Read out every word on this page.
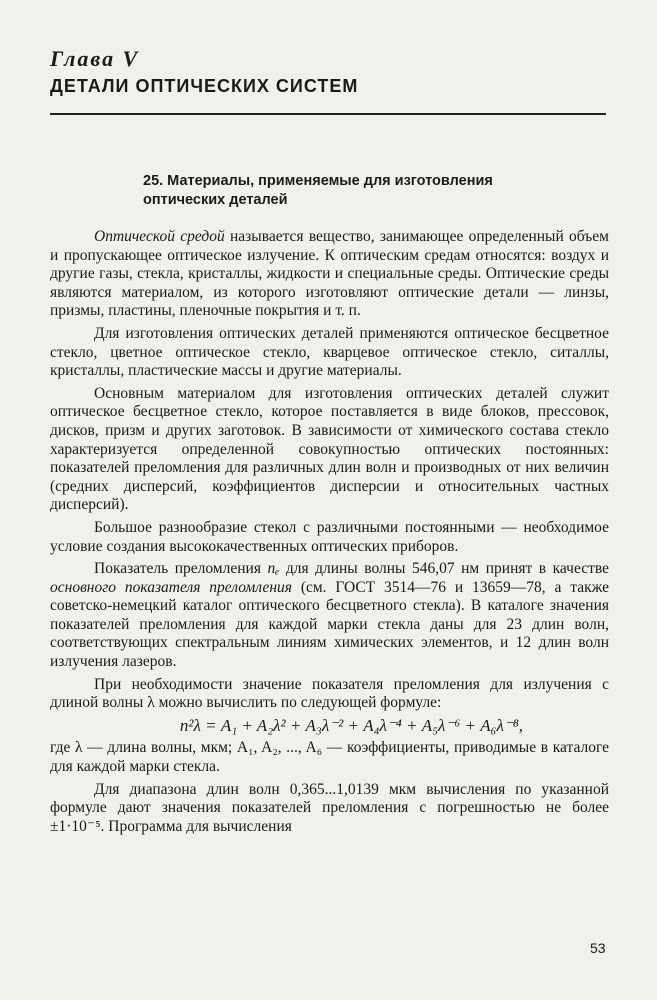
Глава V
ДЕТАЛИ ОПТИЧЕСКИХ СИСТЕМ
25. Материалы, применяемые для изготовления оптических деталей

Оптической средой называется вещество, занимающее определенный объем и пропускающее оптическое излучение. К оптическим средам относятся: воздух и другие газы, стекла, кристаллы, жидкости и специальные среды. Оптические среды являются материалом, из которого изготовляют оптические детали — линзы, призмы, пластины, пленочные покрытия и т. п.

Для изготовления оптических деталей применяются оптическое бесцветное стекло, цветное оптическое стекло, кварцевое оптическое стекло, ситаллы, кристаллы, пластические массы и другие материалы.

Основным материалом для изготовления оптических деталей служит оптическое бесцветное стекло, которое поставляется в виде блоков, прессовок, дисков, призм и других заготовок. В зависимости от химического состава стекло характеризуется определенной совокупностью оптических постоянных: показателей преломления для различных длин волн и производных от них величин (средних дисперсий, коэффициентов дисперсии и относительных частных дисперсий).

Большое разнообразие стекол с различными постоянными — необходимое условие создания высококачественных оптических приборов.

Показатель преломления nₑ для длины волны 546,07 нм принят в качестве основного показателя преломления (см. ГОСТ 3514—76 и 13659—78, а также советско-немецкий каталог оптического бесцветного стекла). В каталоге значения показателей преломления для каждой марки стекла даны для 23 длин волн, соответствующих спектральным линиям химических элементов, и 12 длин волн излучения лазеров.

При необходимости значение показателя преломления для излучения с длиной волны λ можно вычислить по следующей формуле:

n²λ = A₁ + A₂λ² + A₃λ⁻² + A₄λ⁻⁴ + A₅λ⁻⁶ + A₆λ⁻⁸,

где λ — длина волны, мкм; A₁, A₂, ..., A₆ — коэффициенты, приводимые в каталоге для каждой марки стекла.

Для диапазона длин волн 0,365...1,0139 мкм вычисления по указанной формуле дают значения показателей преломления с погрешностью не более ±1·10⁻⁵. Программа для вычисления

53
